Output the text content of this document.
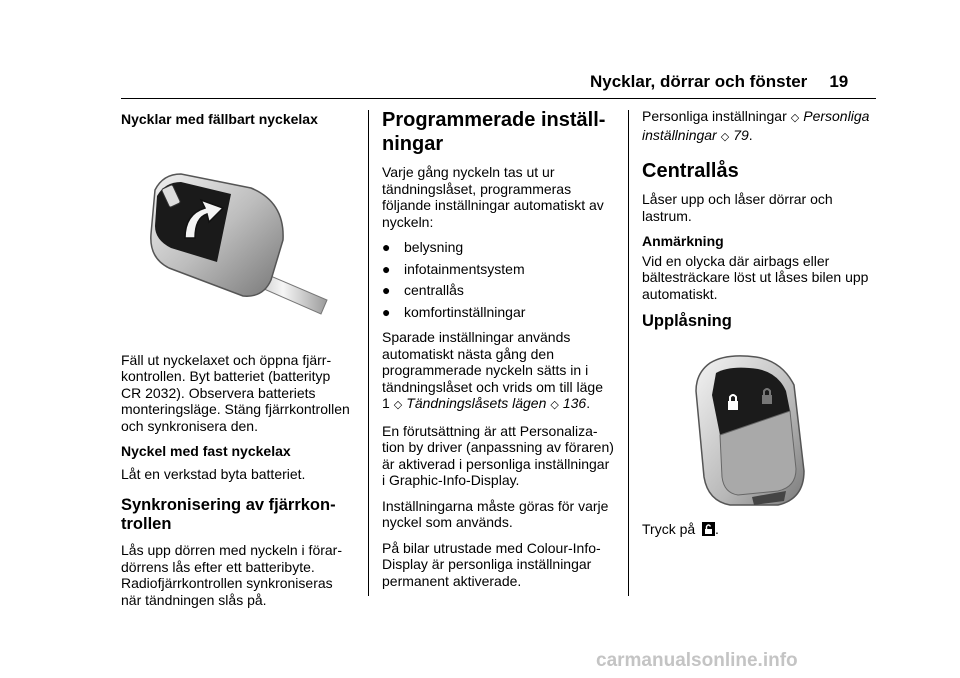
Nycklar, dörrar och fönster 19
Nycklar med fällbart nyckelax

Fäll ut nyckelaxet och öppna fjärrkontrollen. Byt batteriet (batterityp CR 2032). Observera batteriets monteringsläge. Stäng fjärrkontrollen och synkronisera den.

Nyckel med fast nyckelax

Låt en verkstad byta batteriet.

Synkronisering av fjärrkontrollen

Lås upp dörren med nyckeln i förardörrens lås efter ett batteribyte. Radiofjärrkontrollen synkroniseras när tändningen slås på.

Programmerade inställningar

Varje gång nyckeln tas ut ur tändningslåset, programmeras följande inställningar automatiskt av nyckeln:

● belysning
● infotainmentsystem
● centrallås
● komfortinställningar

Sparade inställningar används automatiskt nästa gång den programmerade nyckeln sätts in i tändningslåset och vrids om till läge
1 ◇ Tändningslåsets lägen ◇ 136.

En förutsättning är att Personalization by driver (anpassning av föraren) är aktiverad i personliga inställningar i Graphic-Info-Display.

Inställningarna måste göras för varje nyckel som används.

På bilar utrustade med Colour-Info-Display är personliga inställningar permanent aktiverade.

Personliga inställningar ◇ Personliga inställningar ◇ 79.

Centrallås

Låser upp och låser dörrar och lastrum.

Anmärkning

Vid en olycka där airbags eller bältesträckare löst ut låses bilen upp automatiskt.

Upplåsning

Tryck på .

carmanualsonline.info
